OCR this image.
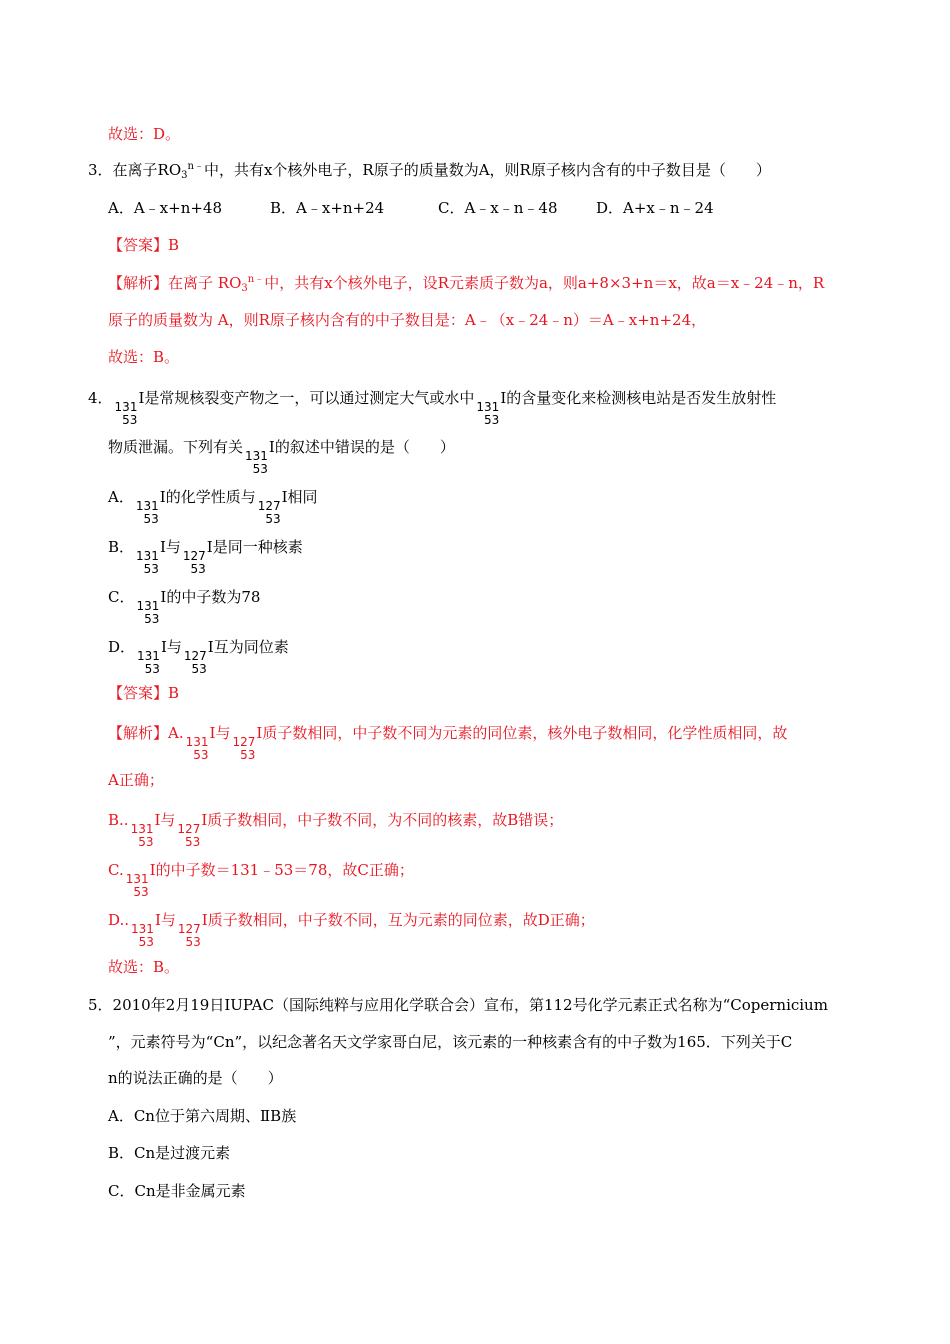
故选：D。
3．在离子$RO_3^{n﹣}$中，共有x个核外电子，R原子的质量数为A，则R原子核内含有的中子数目是（　　）
A．A﹣x+n+48	B．A﹣x+n+24	C．A﹣x﹣n﹣48	D．A+x﹣n﹣24
【答案】B
【解析】在离子 $RO_3^{n﹣}$中，共有x个核外电子，设R元素质子数为a，则a+8×3+n＝x，故a＝x﹣24﹣n，R
原子的质量数为 A，则R原子核内含有的中子数目是：A﹣（x﹣24﹣n）＝A﹣x+n+24，
故选：B。
4． 131
53
I是常规核裂变产物之一，可以通过测定大气或水中 131
53
I的含量变化来检测核电站是否发生放射性
物质泄漏。下列有关 131
53
I的叙述中错误的是（　　）
A． 131
53
I的化学性质与 127
53
I相同
B． 131
53
I与 127
53
I是同一种核素
C． 131
53
I的中子数为78
D． 131
53
I与 127
53
I互为同位素
【答案】B
【解析】A. 131
53
I与 127
53
I质子数相同，中子数不同为元素的同位素，核外电子数相同，化学性质相同，故
A正确；
B.. 131
53
I与 127
53
I质子数相同，中子数不同，为不同的核素，故B错误；
C. 131
53
I的中子数＝131﹣53＝78，故C正确；
D.. 131
53
I与 127
53
I质子数相同，中子数不同，互为元素的同位素，故D正确；
故选：B。
5．2010年2月19日IUPAC（国际纯粹与应用化学联合会）宣布，第112号化学元素正式名称为“Copernicium
”，元素符号为“Cn”，以纪念著名天文学家哥白尼，该元素的一种核素含有的中子数为165．下列关于C
n的说法正确的是（　　）
A．Cn位于第六周期、ⅡB族
B．Cn是过渡元素
C．Cn是非金属元素
